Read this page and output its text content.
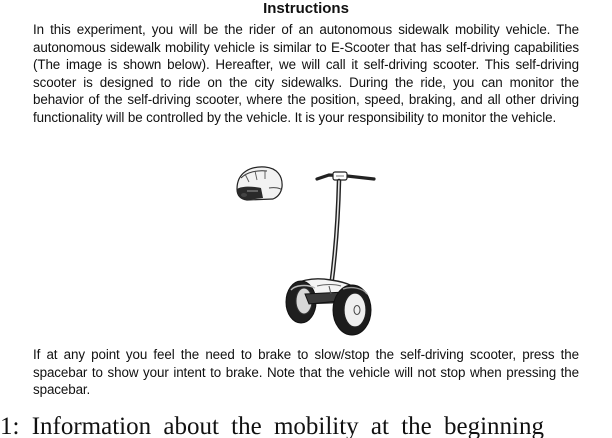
Instructions

In this experiment, you will be the rider of an autonomous sidewalk mobility vehicle. The autonomous sidewalk mobility vehicle is similar to E-Scooter that has self-driving capabilities (The image is shown below). Hereafter, we will call it self-driving scooter. This self-driving scooter is designed to ride on the city sidewalks. During the ride, you can monitor the behavior of the self-driving scooter, where the position, speed, braking, and all other driving functionality will be controlled by the vehicle. It is your responsibility to monitor the vehicle.

If at any point you feel the need to brake to slow/stop the self-driving scooter, press the spacebar to show your intent to brake. Note that the vehicle will not stop when pressing the spacebar.

1: Information about the mobility at the beginning
